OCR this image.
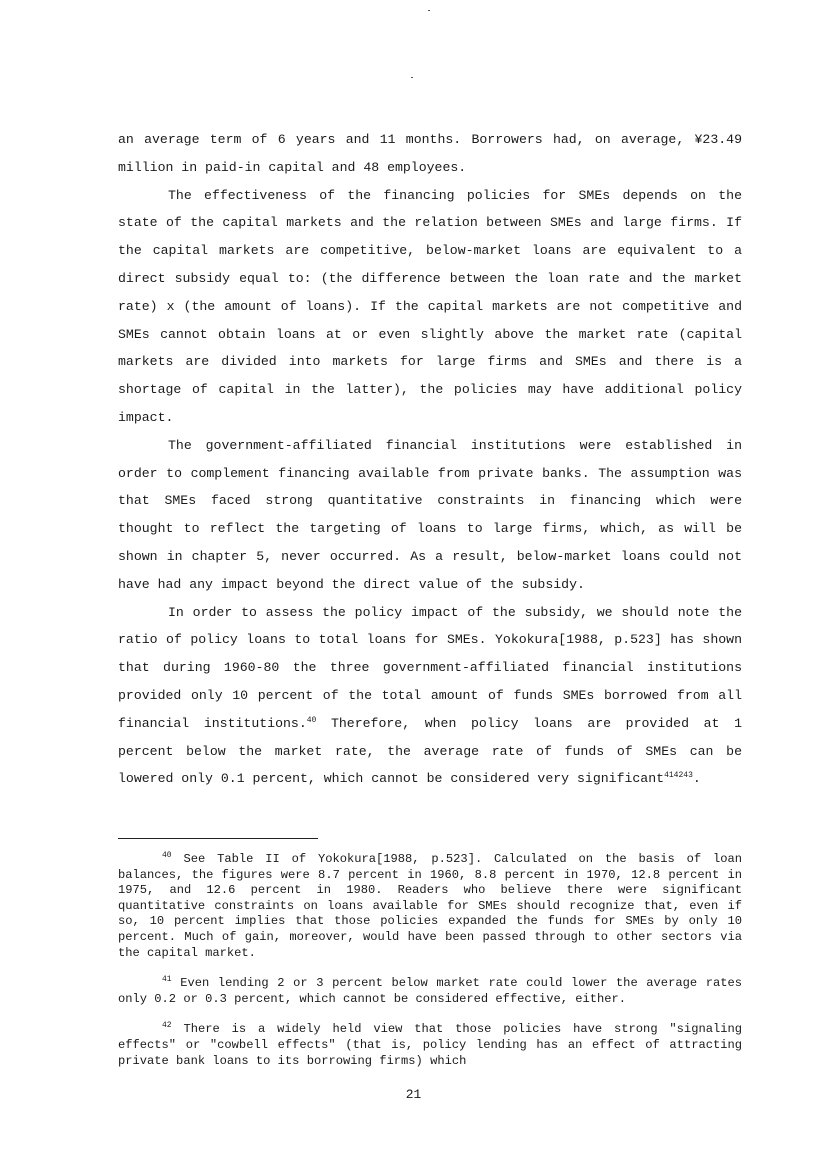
an average term of 6 years and 11 months. Borrowers had, on average, ¥23.49 million in paid-in capital and 48 employees.

The effectiveness of the financing policies for SMEs depends on the state of the capital markets and the relation between SMEs and large firms. If the capital markets are competitive, below-market loans are equivalent to a direct subsidy equal to: (the difference between the loan rate and the market rate) x (the amount of loans). If the capital markets are not competitive and SMEs cannot obtain loans at or even slightly above the market rate (capital markets are divided into markets for large firms and SMEs and there is a shortage of capital in the latter), the policies may have additional policy impact.

The government-affiliated financial institutions were established in order to complement financing available from private banks. The assumption was that SMEs faced strong quantitative constraints in financing which were thought to reflect the targeting of loans to large firms, which, as will be shown in chapter 5, never occurred. As a result, below-market loans could not have had any impact beyond the direct value of the subsidy.

In order to assess the policy impact of the subsidy, we should note the ratio of policy loans to total loans for SMEs. Yokokura[1988, p.523] has shown that during 1960-80 the three government-affiliated financial institutions provided only 10 percent of the total amount of funds SMEs borrowed from all financial institutions.$^{40}$ Therefore, when policy loans are provided at 1 percent below the market rate, the average rate of funds of SMEs can be lowered only 0.1 percent, which cannot be considered very significant$^{414243}$.

$^{40}$ See Table II of Yokokura[1988, p.523]. Calculated on the basis of loan balances, the figures were 8.7 percent in 1960, 8.8 percent in 1970, 12.8 percent in 1975, and 12.6 percent in 1980. Readers who believe there were significant quantitative constraints on loans available for SMEs should recognize that, even if so, 10 percent implies that those policies expanded the funds for SMEs by only 10 percent. Much of gain, moreover, would have been passed through to other sectors via the capital market.

$^{41}$ Even lending 2 or 3 percent below market rate could lower the average rates only 0.2 or 0.3 percent, which cannot be considered effective, either.

$^{42}$ There is a widely held view that those policies have strong "signaling effects" or "cowbell effects" (that is, policy lending has an effect of attracting private bank loans to its borrowing firms) which

21
